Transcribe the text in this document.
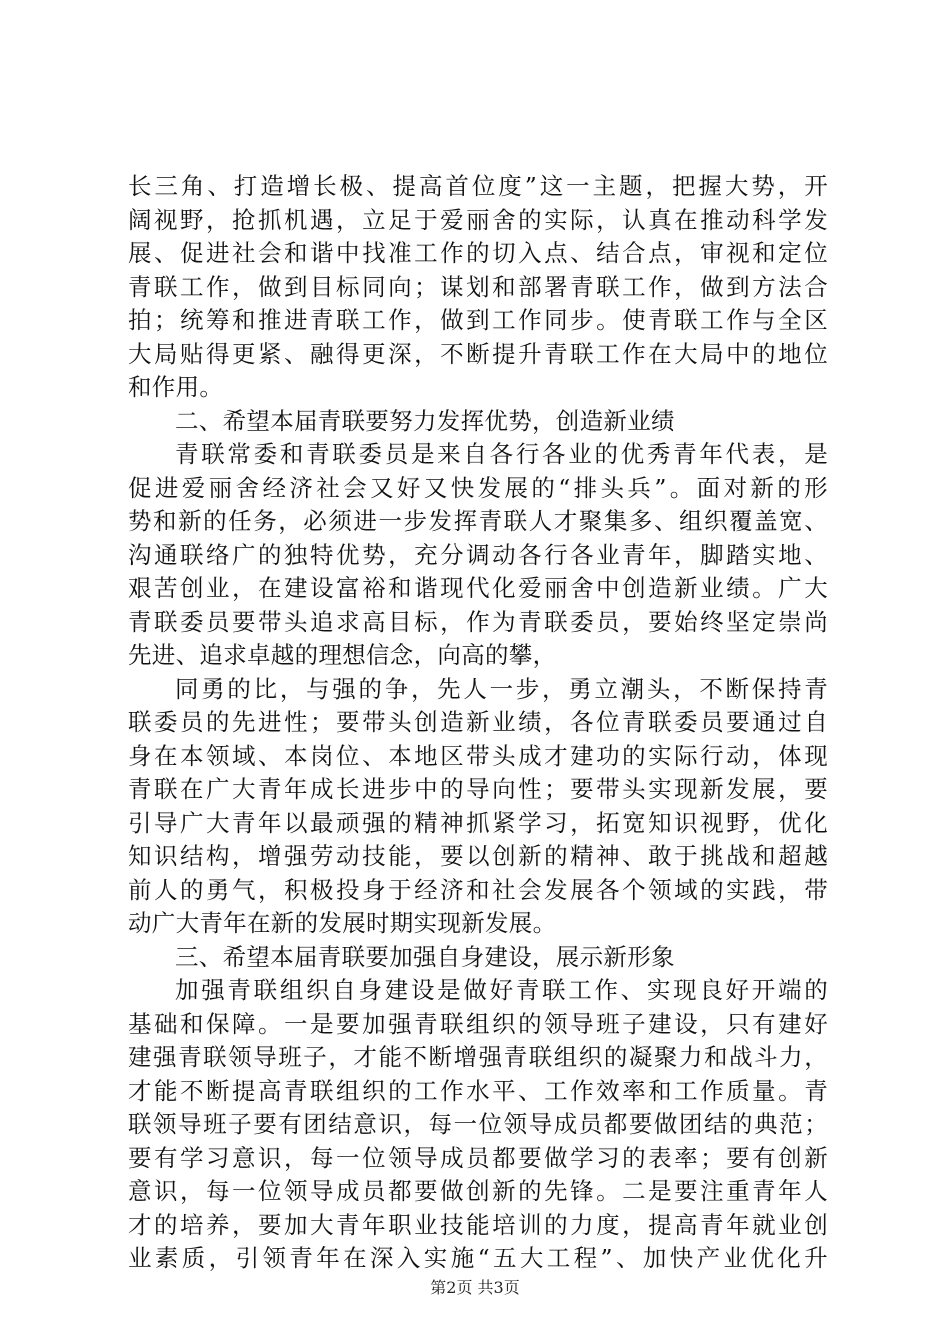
长三角、打造增长极、提高首位度”这一主题，把握大势，开
阔视野，抢抓机遇，立足于爱丽舍的实际，认真在推动科学发
展、促进社会和谐中找准工作的切入点、结合点，审视和定位
青联工作，做到目标同向；谋划和部署青联工作，做到方法合
拍；统筹和推进青联工作，做到工作同步。使青联工作与全区
大局贴得更紧、融得更深，不断提升青联工作在大局中的地位
和作用。
二、希望本届青联要努力发挥优势，创造新业绩
青联常委和青联委员是来自各行各业的优秀青年代表，是
促进爱丽舍经济社会又好又快发展的“排头兵”。面对新的形
势和新的任务，必须进一步发挥青联人才聚集多、组织覆盖宽、
沟通联络广的独特优势，充分调动各行各业青年，脚踏实地、
艰苦创业，在建设富裕和谐现代化爱丽舍中创造新业绩。广大
青联委员要带头追求高目标，作为青联委员，要始终坚定崇尚
先进、追求卓越的理想信念，向高的攀，
同勇的比，与强的争，先人一步，勇立潮头，不断保持青
联委员的先进性；要带头创造新业绩，各位青联委员要通过自
身在本领域、本岗位、本地区带头成才建功的实际行动，体现
青联在广大青年成长进步中的导向性；要带头实现新发展，要
引导广大青年以最顽强的精神抓紧学习，拓宽知识视野，优化
知识结构，增强劳动技能，要以创新的精神、敢于挑战和超越
前人的勇气，积极投身于经济和社会发展各个领域的实践，带
动广大青年在新的发展时期实现新发展。
三、希望本届青联要加强自身建设，展示新形象
加强青联组织自身建设是做好青联工作、实现良好开端的
基础和保障。一是要加强青联组织的领导班子建设，只有建好
建强青联领导班子，才能不断增强青联组织的凝聚力和战斗力，
才能不断提高青联组织的工作水平、工作效率和工作质量。青
联领导班子要有团结意识，每一位领导成员都要做团结的典范；
要有学习意识，每一位领导成员都要做学习的表率；要有创新
意识，每一位领导成员都要做创新的先锋。二是要注重青年人
才的培养，要加大青年职业技能培训的力度，提高青年就业创
业素质，引领青年在深入实施“五大工程”、加快产业优化升
第2页 共3页
